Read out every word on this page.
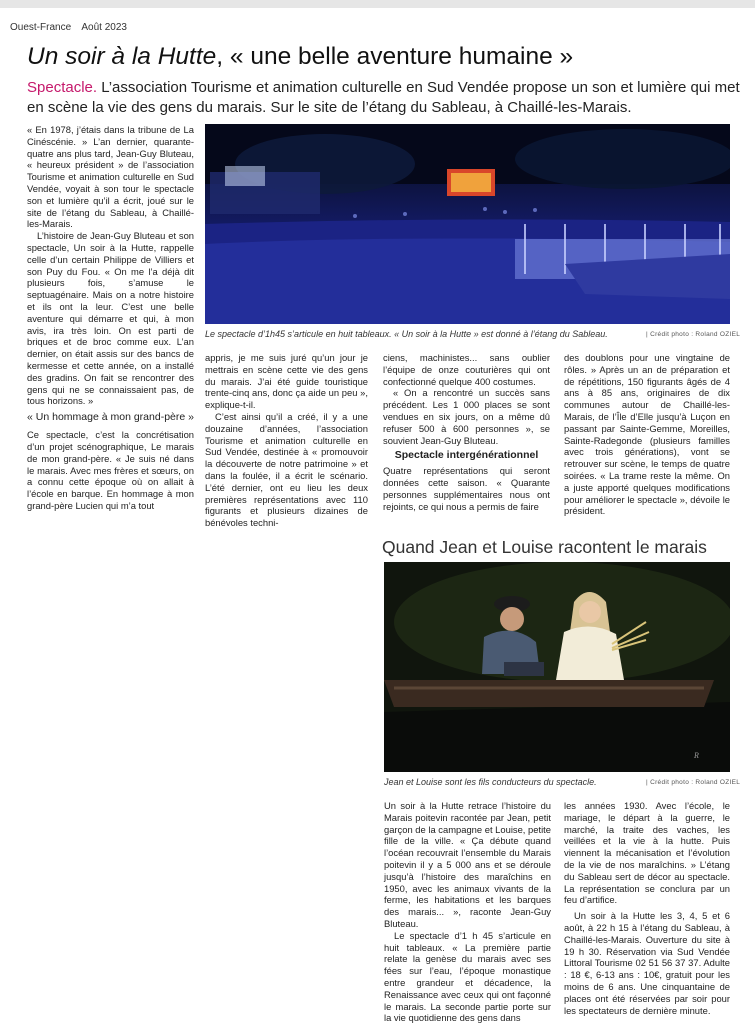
Ouest-France Août 2023
Un soir à la Hutte, « une belle aventure humaine »
Spectacle. L’association Tourisme et animation culturelle en Sud Vendée propose un son et lumière qui met en scène la vie des gens du marais. Sur le site de l’étang du Sableau, à Chaillé-les-Marais.

« En 1978, j’étais dans la tribune de La Cinéscénie. » L’an dernier, quarante-quatre ans plus tard, Jean-Guy Bluteau, « heureux président » de l’association Tourisme et animation culturelle en Sud Vendée, voyait à son tour le spectacle son et lumière qu’il a écrit, joué sur le site de l’étang du Sableau, à Chaillé-les-Marais.

L’histoire de Jean-Guy Bluteau et son spectacle, Un soir à la Hutte, rappelle celle d’un certain Philippe de Villiers et son Puy du Fou. « On me l’a déjà dit plusieurs fois, s’amuse le septuagénaire. Mais on a notre histoire et ils ont la leur. C’est une belle aventure qui démarre et qui, à mon avis, ira très loin. On est parti de briques et de broc comme eux. L’an dernier, on était assis sur des bancs de kermesse et cette année, on a installé des gradins. On fait se rencontrer des gens qui ne se connaissaient pas, de tous horizons. »

« Un hommage à mon grand-père »

Ce spectacle, c’est la concrétisation d’un projet scénographique, Le marais de mon grand-père. « Je suis né dans le marais. Avec mes frères et sœurs, on a connu cette époque où on allait à l’école en barque. En hommage à mon grand-père Lucien qui m’a tout

Le spectacle d’1h45 s’articule en huit tableaux. « Un soir à la Hutte » est donné à l’étang du Sableau.	| Crédit photo : Roland OZIEL

appris, je me suis juré qu’un jour je mettrais en scène cette vie des gens du marais. J’ai été guide touristique trente-cinq ans, donc ça aide un peu », explique-t-il.

C’est ainsi qu’il a créé, il y a une douzaine d’années, l’association Tourisme et animation culturelle en Sud Vendée, destinée à « promouvoir la découverte de notre patrimoine » et dans la foulée, il a écrit le scénario. L’été dernier, ont eu lieu les deux premières représentations avec 110 figurants et plusieurs dizaines de bénévoles techni-

ciens, machinistes... sans oublier l’équipe de onze couturières qui ont confectionné quelque 400 costumes.

« On a rencontré un succès sans précédent. Les 1 000 places se sont vendues en six jours, on a même dû refuser 500 à 600 personnes », se souvient Jean-Guy Bluteau.

Spectacle intergénérationnel

Quatre représentations qui seront données cette saison. « Quarante personnes supplémentaires nous ont rejoints, ce qui nous a permis de faire

des doublons pour une vingtaine de rôles. » Après un an de préparation et de répétitions, 150 figurants âgés de 4 ans à 85 ans, originaires de dix communes autour de Chaillé-les-Marais, de l’Île d’Elle jusqu’à Luçon en passant par Sainte-Gemme, Moreilles, Sainte-Radegonde (plusieurs familles avec trois générations), vont se retrouver sur scène, le temps de quatre soirées. « La trame reste la même. On a juste apporté quelques modifications pour améliorer le spectacle », dévoile le président.

Quand Jean et Louise racontent le marais
R
Jean et Louise sont les fils conducteurs du spectacle.	| Crédit photo : Roland OZIEL

Un soir à la Hutte retrace l’histoire du Marais poitevin racontée par Jean, petit garçon de la campagne et Louise, petite fille de la ville. « Ça débute quand l’océan recouvrait l’ensemble du Marais poitevin il y a 5 000 ans et se déroule jusqu’à l’histoire des maraîchins en 1950, avec les animaux vivants de la ferme, les habitations et les barques des marais... », raconte Jean-Guy Bluteau.

Le spectacle d’1 h 45 s’articule en huit tableaux. « La première partie relate la genèse du marais avec ses fées sur l’eau, l’époque monastique entre grandeur et décadence, la Renaissance avec ceux qui ont façonné le marais. La seconde partie porte sur la vie quotidienne des gens dans

les années 1930. Avec l’école, le mariage, le départ à la guerre, le marché, la traite des vaches, les veillées et la vie à la hutte. Puis viennent la mécanisation et l’évolution de la vie de nos maraîchins. » L’étang du Sableau sert de décor au spectacle. La représentation se conclura par un feu d’artifice.

Un soir à la Hutte les 3, 4, 5 et 6 août, à 22 h 15 à l’étang du Sableau, à Chaillé-les-Marais. Ouverture du site à 19 h 30. Réservation via Sud Vendée Littoral Tourisme 02 51 56 37 37. Adulte : 18 €, 6-13 ans : 10€, gratuit pour les moins de 6 ans. Une cinquantaine de places ont été réservées par soir pour les spectateurs de dernière minute.
